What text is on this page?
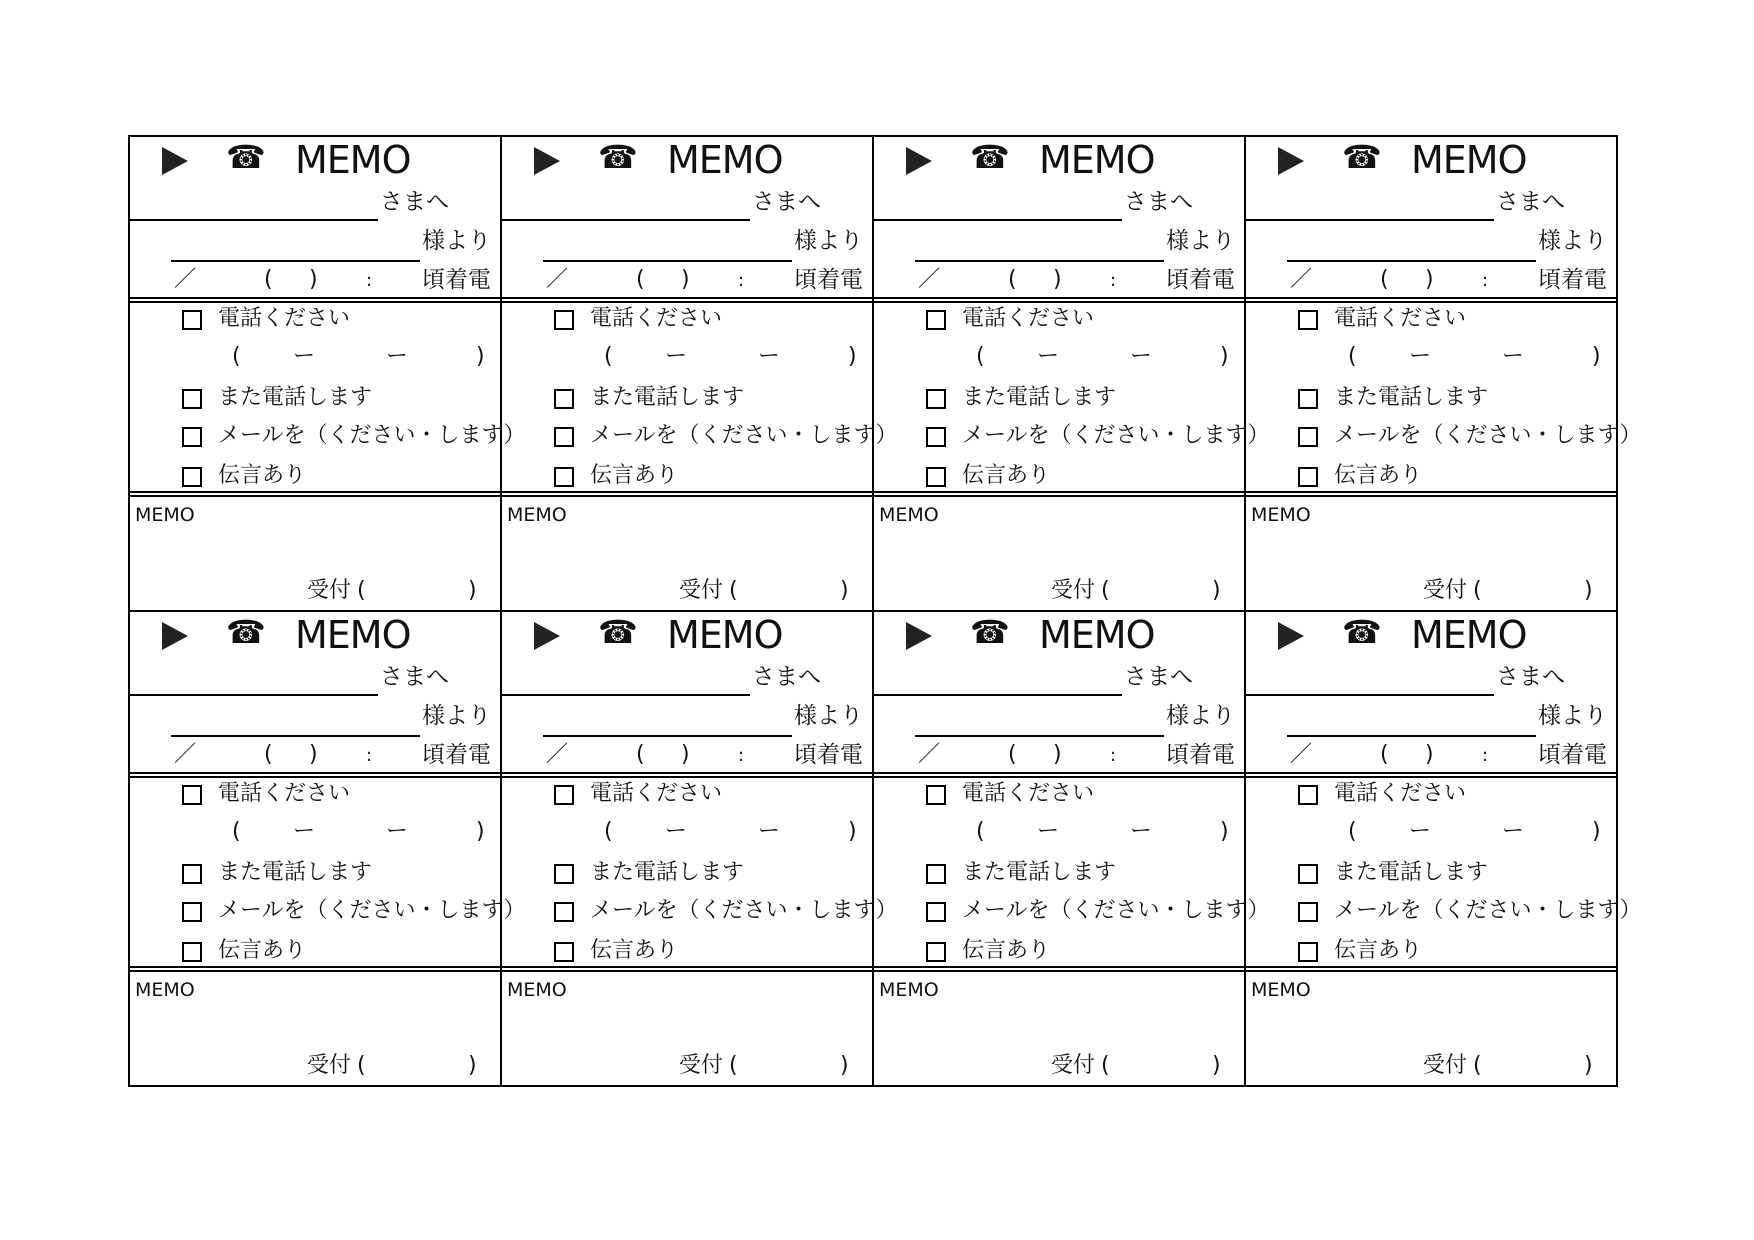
☎ MEMO
さまへ
様より
／	( )	: 頃着電
電話ください
( ー	ー	)
また電話します
メールを（ください・します）
伝言あり
MEMO
受付 (	)
☎ MEMO
さまへ
様より
／	( )	: 頃着電
電話ください
( ー	ー	)
また電話します
メールを（ください・します）
伝言あり
MEMO
受付 (	)
☎ MEMO
さまへ
様より
／	( )	: 頃着電
電話ください
( ー	ー	)
また電話します
メールを（ください・します）
伝言あり
MEMO
受付 (	)
☎ MEMO
さまへ
様より
／	( )	: 頃着電
電話ください
( ー	ー	)
また電話します
メールを（ください・します）
伝言あり
MEMO
受付 (	)
☎ MEMO
さまへ
様より
／	( )	: 頃着電
電話ください
( ー	ー	)
また電話します
メールを（ください・します）
伝言あり
MEMO
受付 (	)
☎ MEMO
さまへ
様より
／	( )	: 頃着電
電話ください
( ー	ー	)
また電話します
メールを（ください・します）
伝言あり
MEMO
受付 (	)
☎ MEMO
さまへ
様より
／	( )	: 頃着電
電話ください
( ー	ー	)
また電話します
メールを（ください・します）
伝言あり
MEMO
受付 (	)
☎ MEMO
さまへ
様より
／	( )	: 頃着電
電話ください
( ー	ー	)
また電話します
メールを（ください・します）
伝言あり
MEMO
受付 (	)
